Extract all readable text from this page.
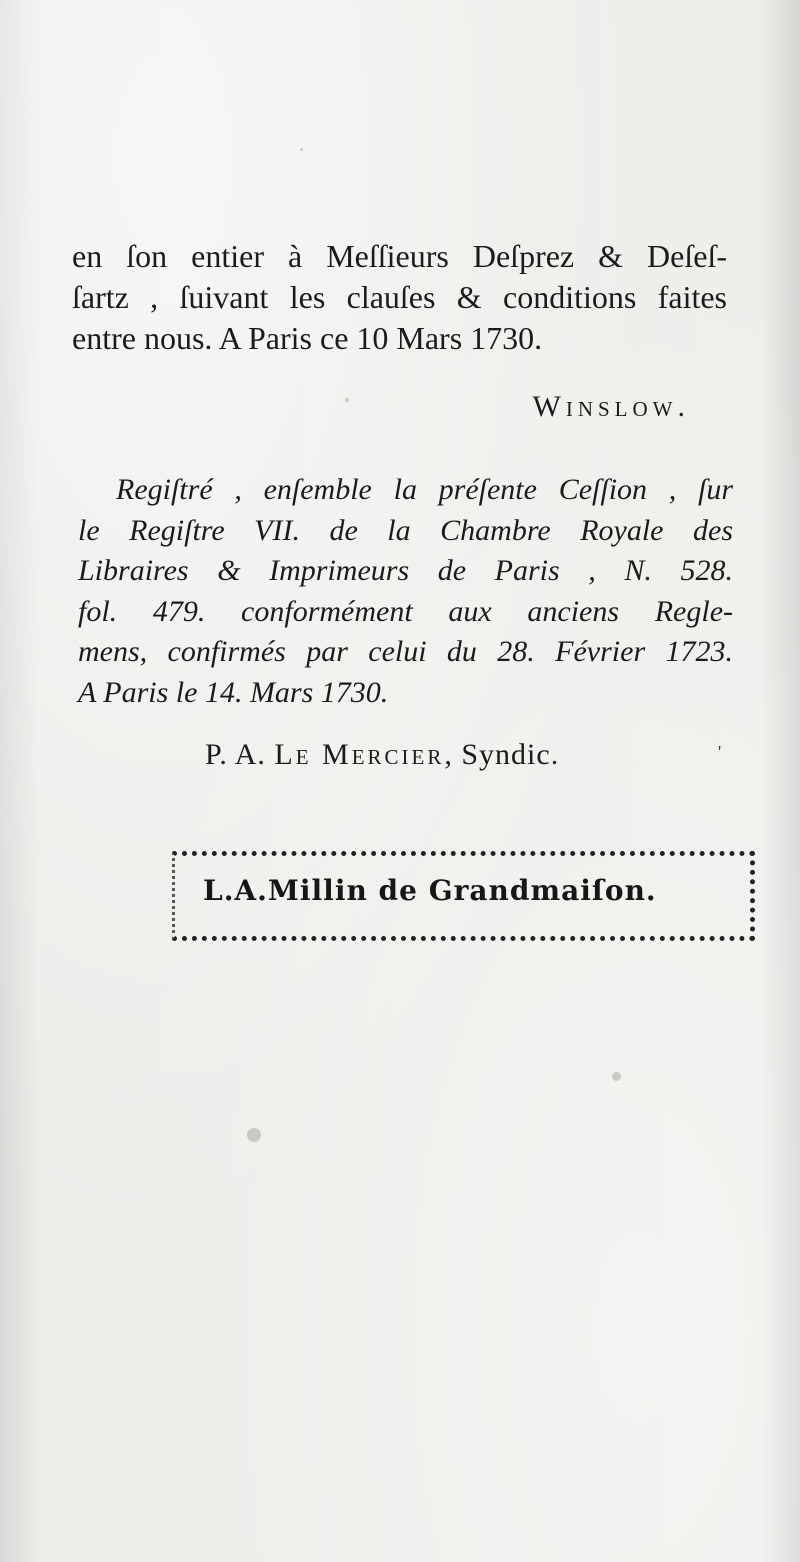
en ſon entier à Meſſieurs Deſprez & Deſeſ-
ſartz , ſuivant les clauſes & conditions faites
entre nous. A Paris ce 10 Mars 1730.
Winslow.
Regiſtré , enſemble la préſente Ceſſion , ſur
le Regiſtre VII. de la Chambre Royale des
Libraires & Imprimeurs de Paris , N. 528.
fol. 479. conformément aux anciens Regle-
mens, confirmés par celui du 28. Février 1723.
A Paris le 14. Mars 1730.
P. A. Le Mercier, Syndic.	'
L.A.Millin de Grandmaiſon.
